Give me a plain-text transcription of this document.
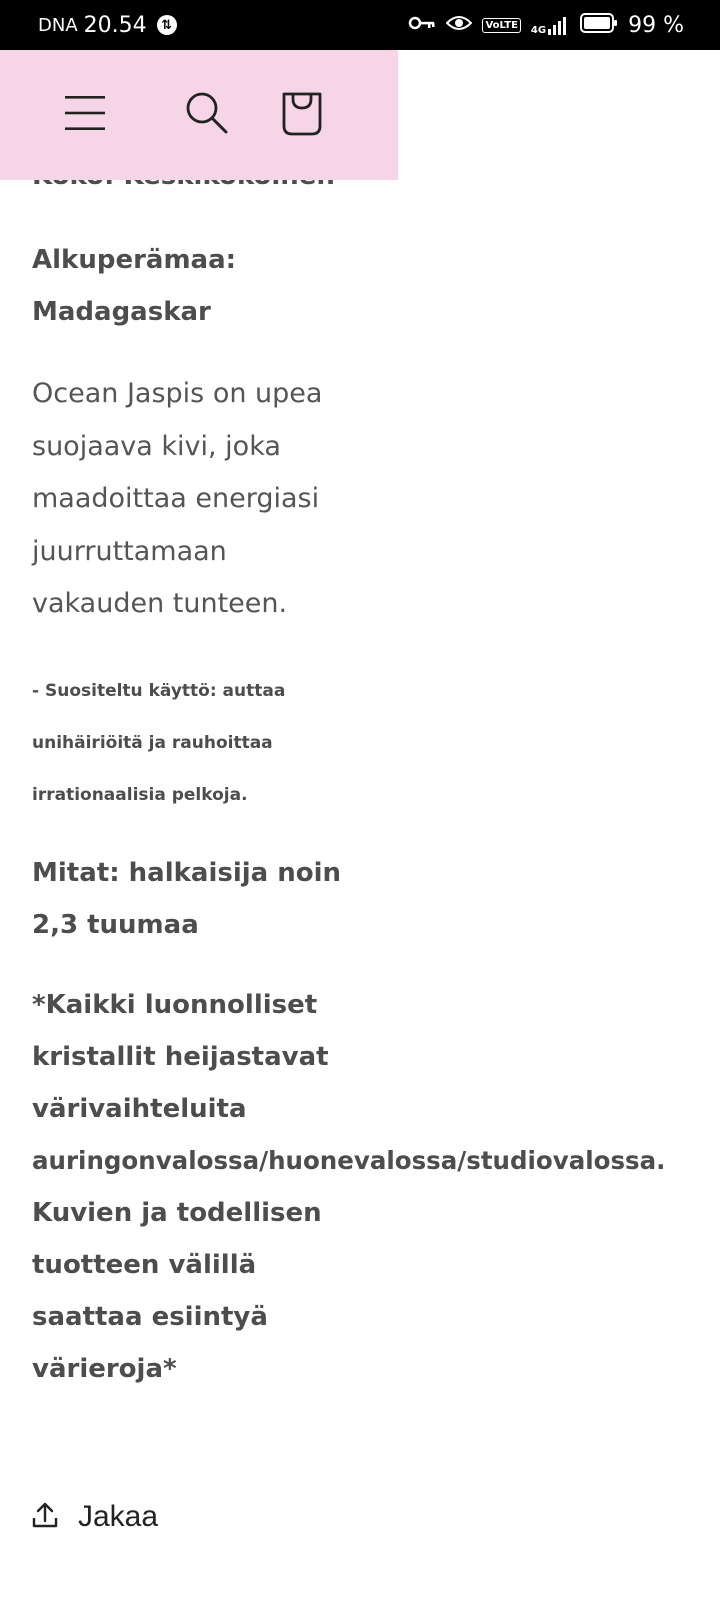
DNA 20.54	⇅	VoLTE	4G	99 %

Alkuperämaa:

Madagaskar

Ocean Jaspis on upea

suojaava kivi, joka

maadoittaa energiasi

juurruttamaan

vakauden tunteen.

- Suositeltu käyttö: auttaa

unihäiriöitä ja rauhoittaa

irrationaalisia pelkoja.

Mitat: halkaisija noin

2,3 tuumaa

*Kaikki luonnolliset

kristallit heijastavat

värivaihteluita

auringonvalossa/huonevalossa/studiovalossa.

Kuvien ja todellisen

tuotteen välillä

saattaa esiintyä

värieroja*

Jakaa
